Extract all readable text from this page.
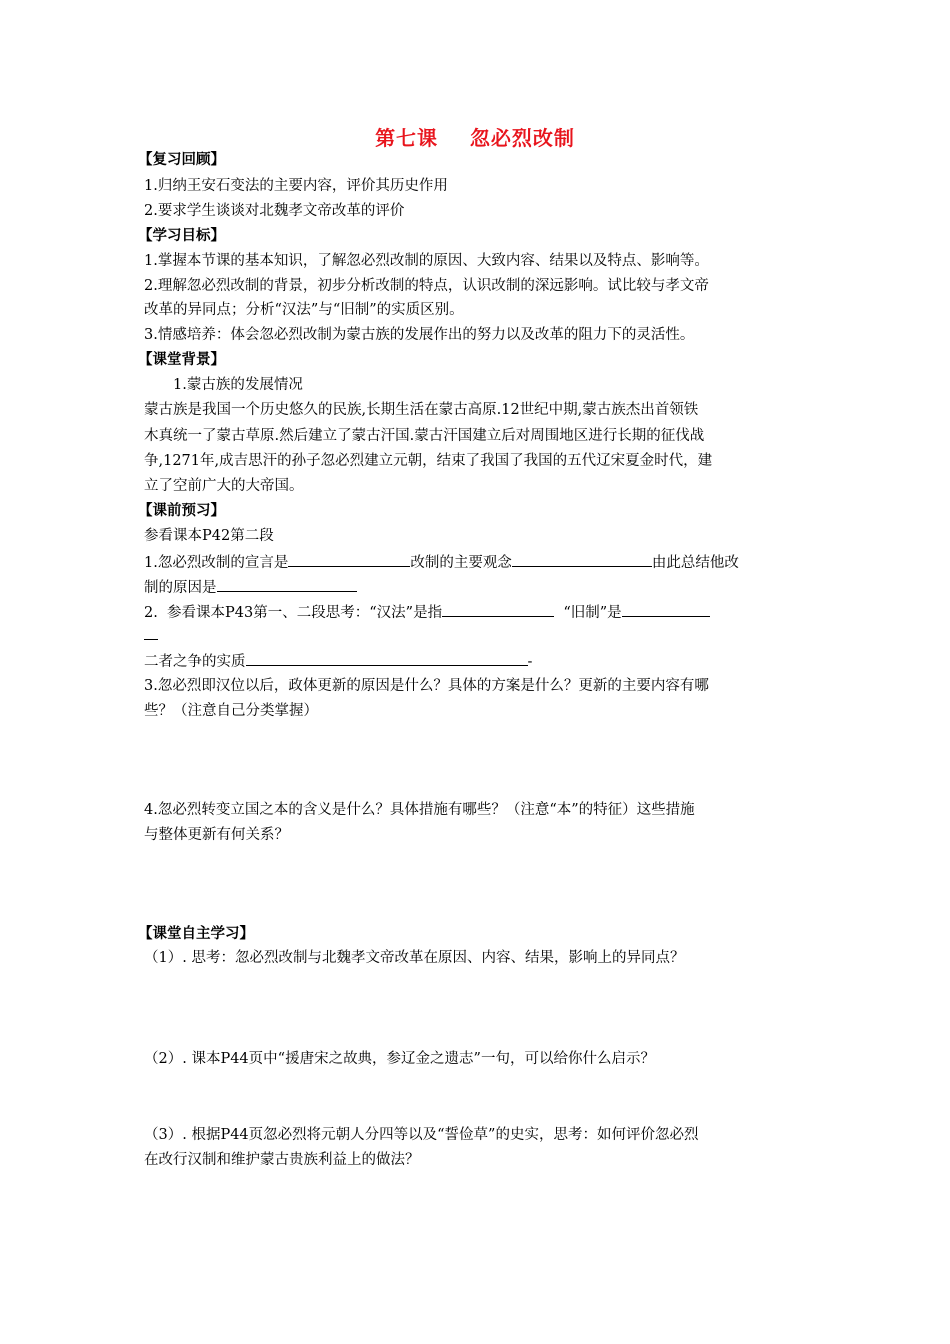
第七课    忽必烈改制
【复习回顾】
1.归纳王安石变法的主要内容，评价其历史作用
2.要求学生谈谈对北魏孝文帝改革的评价
【学习目标】
1.掌握本节课的基本知识，了解忽必烈改制的原因、大致内容、结果以及特点、影响等。
2.理解忽必烈改制的背景，初步分析改制的特点，认识改制的深远影响。试比较与孝文帝
改革的异同点；分析“汉法”与“旧制”的实质区别。
3.情感培养：体会忽必烈改制为蒙古族的发展作出的努力以及改革的阻力下的灵活性。
【课堂背景】
1.蒙古族的发展情况
蒙古族是我国一个历史悠久的民族,长期生活在蒙古高原.12世纪中期,蒙古族杰出首领铁
木真统一了蒙古草原.然后建立了蒙古汗国.蒙古汗国建立后对周围地区进行长期的征伐战
争,1271年,成吉思汗的孙子忽必烈建立元朝，结束了我国了我国的五代辽宋夏金时代，建
立了空前广大的大帝国。
【课前预习】
参看课本P42第二段
1.忽必烈改制的宣言是	改制的主要观念	由此总结他改
制的原因是
2.  参看课本P43第一、二段思考：“汉法”是指	“旧制”是
二者之争的实质	-
3.忽必烈即汉位以后，政体更新的原因是什么？具体的方案是什么？更新的主要内容有哪
些？（注意自己分类掌握）
4.忽必烈转变立国之本的含义是什么？具体措施有哪些？（注意“本”的特征）这些措施
与整体更新有何关系？
【课堂自主学习】
（1）. 思考：忽必烈改制与北魏孝文帝改革在原因、内容、结果，影响上的异同点？
（2）. 课本P44页中“援唐宋之故典，参辽金之遗志”一句，可以给你什么启示？
（3）. 根据P44页忽必烈将元朝人分四等以及“誓俭草”的史实，思考：如何评价忽必烈
在改行汉制和维护蒙古贵族利益上的做法？
